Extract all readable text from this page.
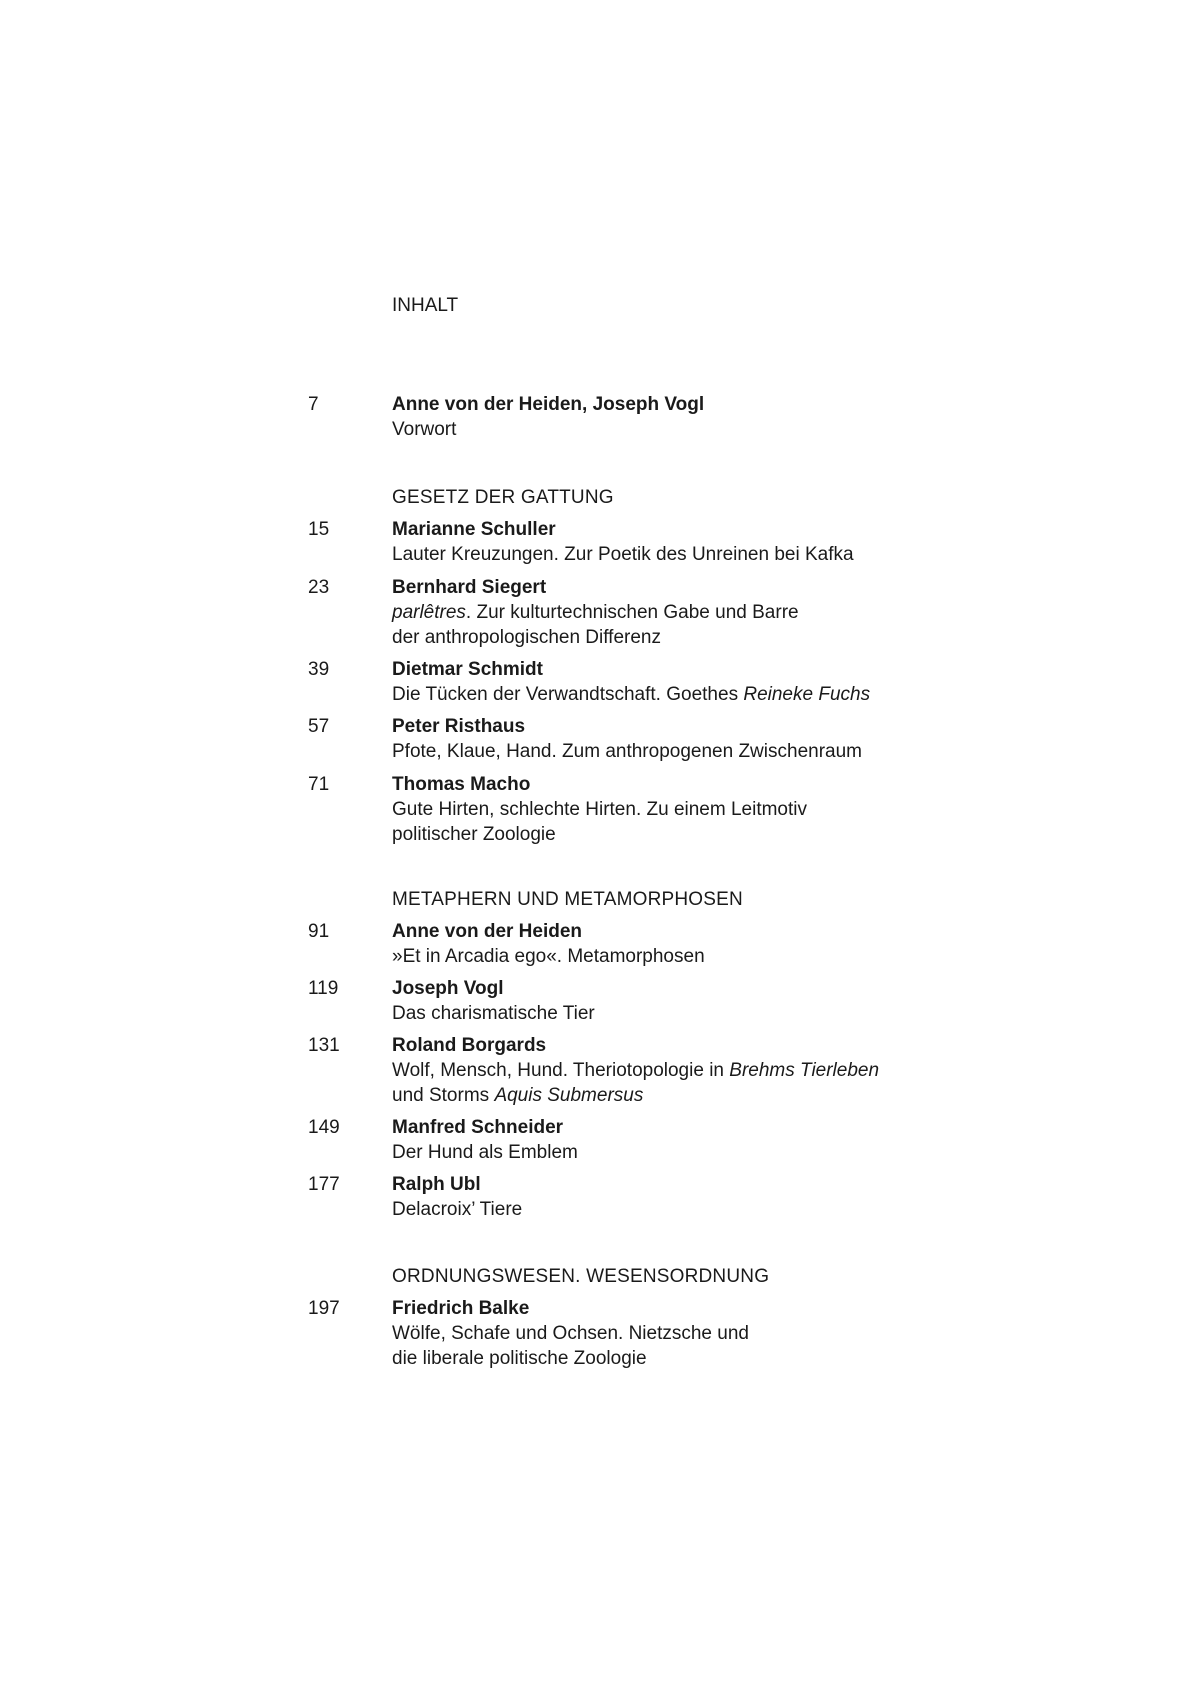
INHALT
7	Anne von der Heiden, Joseph Vogl
Vorwort
GESETZ DER GATTUNG
15	Marianne Schuller
Lauter Kreuzungen. Zur Poetik des Unreinen bei Kafka
23	Bernhard Siegert
parlêtres. Zur kulturtechnischen Gabe und Barre
der anthropologischen Differenz
39	Dietmar Schmidt
Die Tücken der Verwandtschaft. Goethes Reineke Fuchs
57	Peter Risthaus
Pfote, Klaue, Hand. Zum anthropogenen Zwischenraum
71	Thomas Macho
Gute Hirten, schlechte Hirten. Zu einem Leitmotiv
politischer Zoologie
METAPHERN UND METAMORPHOSEN
91	Anne von der Heiden
»Et in Arcadia ego«. Metamorphosen
119	Joseph Vogl
Das charismatische Tier
131	Roland Borgards
Wolf, Mensch, Hund. Theriotopologie in Brehms Tierleben
und Storms Aquis Submersus
149	Manfred Schneider
Der Hund als Emblem
177	Ralph Ubl
Delacroix’ Tiere
ORDNUNGSWESEN. WESENSORDNUNG
197	Friedrich Balke
Wölfe, Schafe und Ochsen. Nietzsche und
die liberale politische Zoologie
